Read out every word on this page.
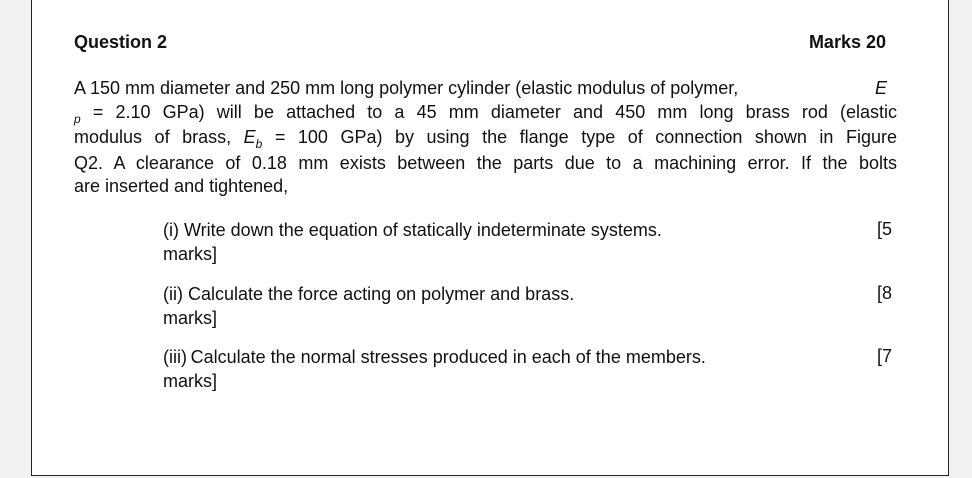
Question 2	Marks 20
A 150 mm diameter and 250 mm long polymer cylinder (elastic modulus of polymer,	E
$_p$ = 2.10 GPa) will be attached to a 45 mm diameter and 450 mm long brass rod (elastic
modulus of brass, $E_b = 100$ GPa) by using the flange type of connection shown in Figure
Q2. A clearance of 0.18 mm exists between the parts due to a machining error. If the bolts
are inserted and tightened,
(i) Write down the equation of statically indeterminate systems.
marks]
[5
(ii) Calculate the force acting on polymer and brass.
marks]
[8
(iii) Calculate the normal stresses produced in each of the members.
marks]
[7
